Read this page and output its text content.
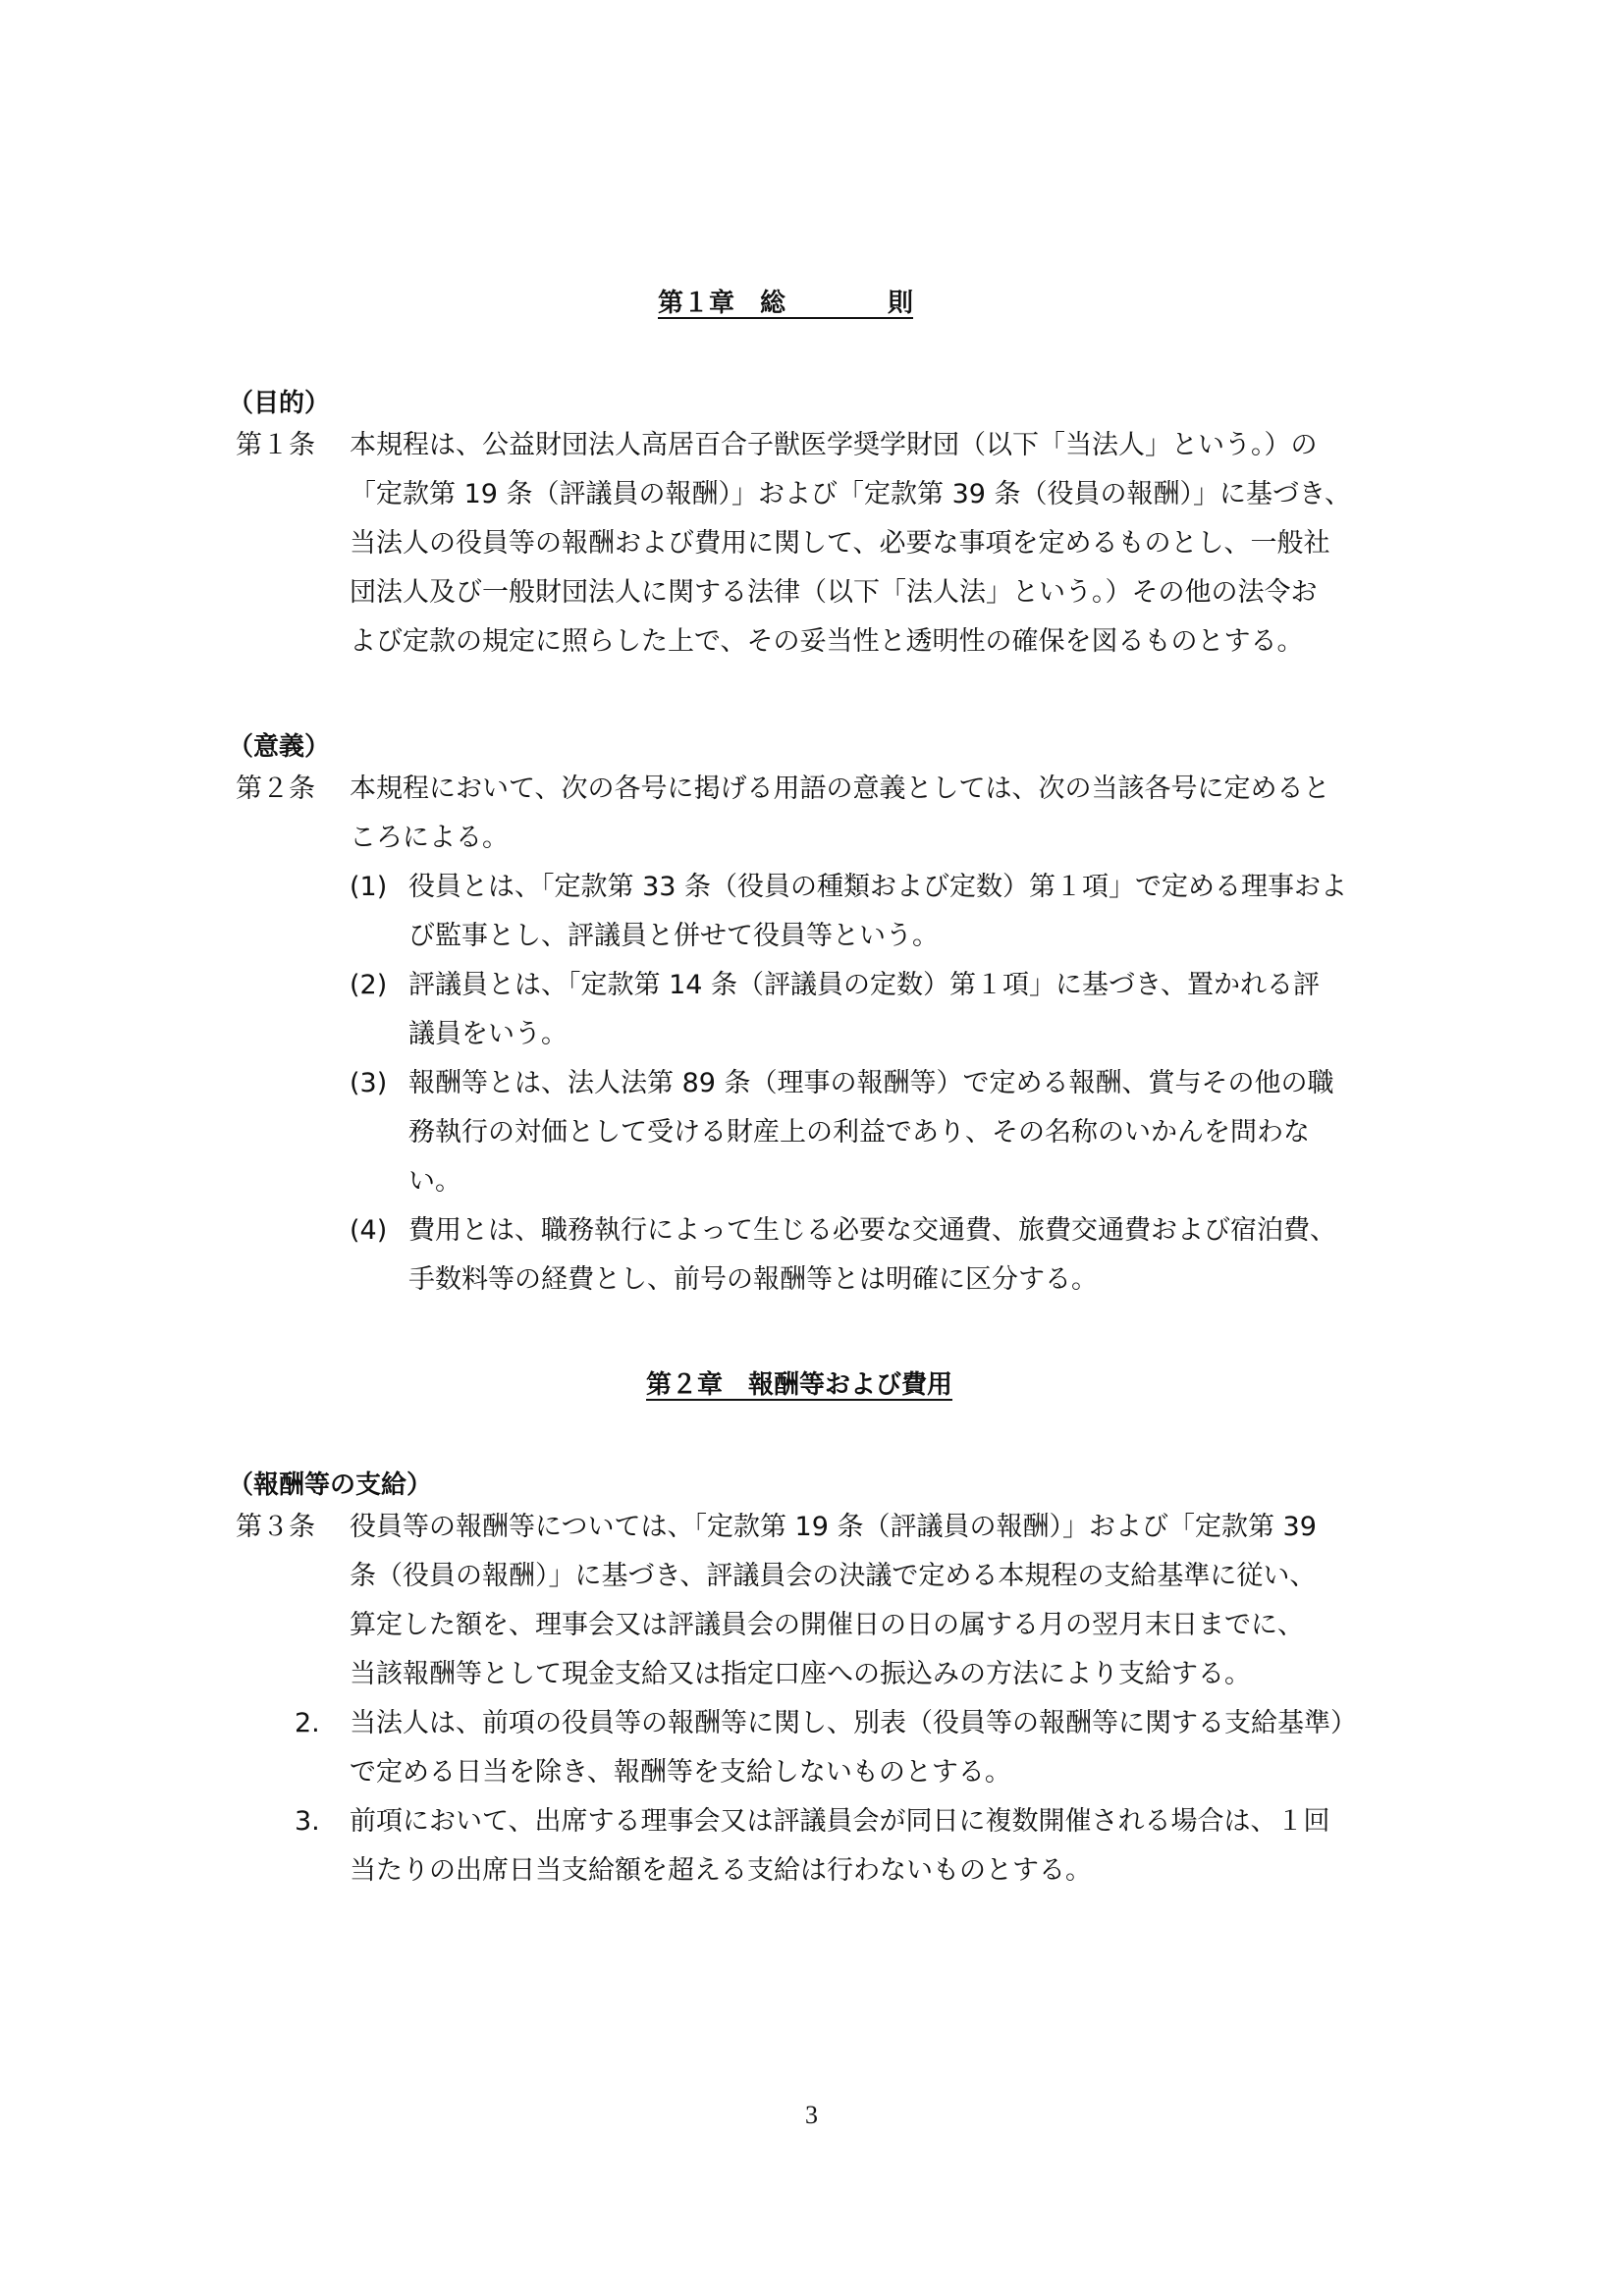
第１章　総　　　　則
（目的）
第１条 本規程は、公益財団法人高居百合子獣医学奨学財団（以下「当法人」という。）の
「定款第 19 条（評議員の報酬）」および「定款第 39 条（役員の報酬）」に基づき、
当法人の役員等の報酬および費用に関して、必要な事項を定めるものとし、一般社
団法人及び一般財団法人に関する法律（以下「法人法」という。）その他の法令お
よび定款の規定に照らした上で、その妥当性と透明性の確保を図るものとする。
（意義）
第２条 本規程において、次の各号に掲げる用語の意義としては、次の当該各号に定めると
ころによる。
(1) 役員とは、「定款第 33 条（役員の種類および定数）第１項」で定める理事およ
び監事とし、評議員と併せて役員等という。
(2) 評議員とは、「定款第 14 条（評議員の定数）第１項」に基づき、置かれる評
議員をいう。
(3) 報酬等とは、法人法第 89 条（理事の報酬等）で定める報酬、賞与その他の職
務執行の対価として受ける財産上の利益であり、その名称のいかんを問わな
い。
(4) 費用とは、職務執行によって生じる必要な交通費、旅費交通費および宿泊費、
手数料等の経費とし、前号の報酬等とは明確に区分する。
第２章　報酬等および費用
（報酬等の支給）
第３条 役員等の報酬等については、「定款第 19 条（評議員の報酬）」および「定款第 39
条（役員の報酬）」に基づき、評議員会の決議で定める本規程の支給基準に従い、
算定した額を、理事会又は評議員会の開催日の日の属する月の翌月末日までに、
当該報酬等として現金支給又は指定口座への振込みの方法により支給する。
2. 当法人は、前項の役員等の報酬等に関し、別表（役員等の報酬等に関する支給基準）
で定める日当を除き、報酬等を支給しないものとする。
3. 前項において、出席する理事会又は評議員会が同日に複数開催される場合は、１回
当たりの出席日当支給額を超える支給は行わないものとする。
3
